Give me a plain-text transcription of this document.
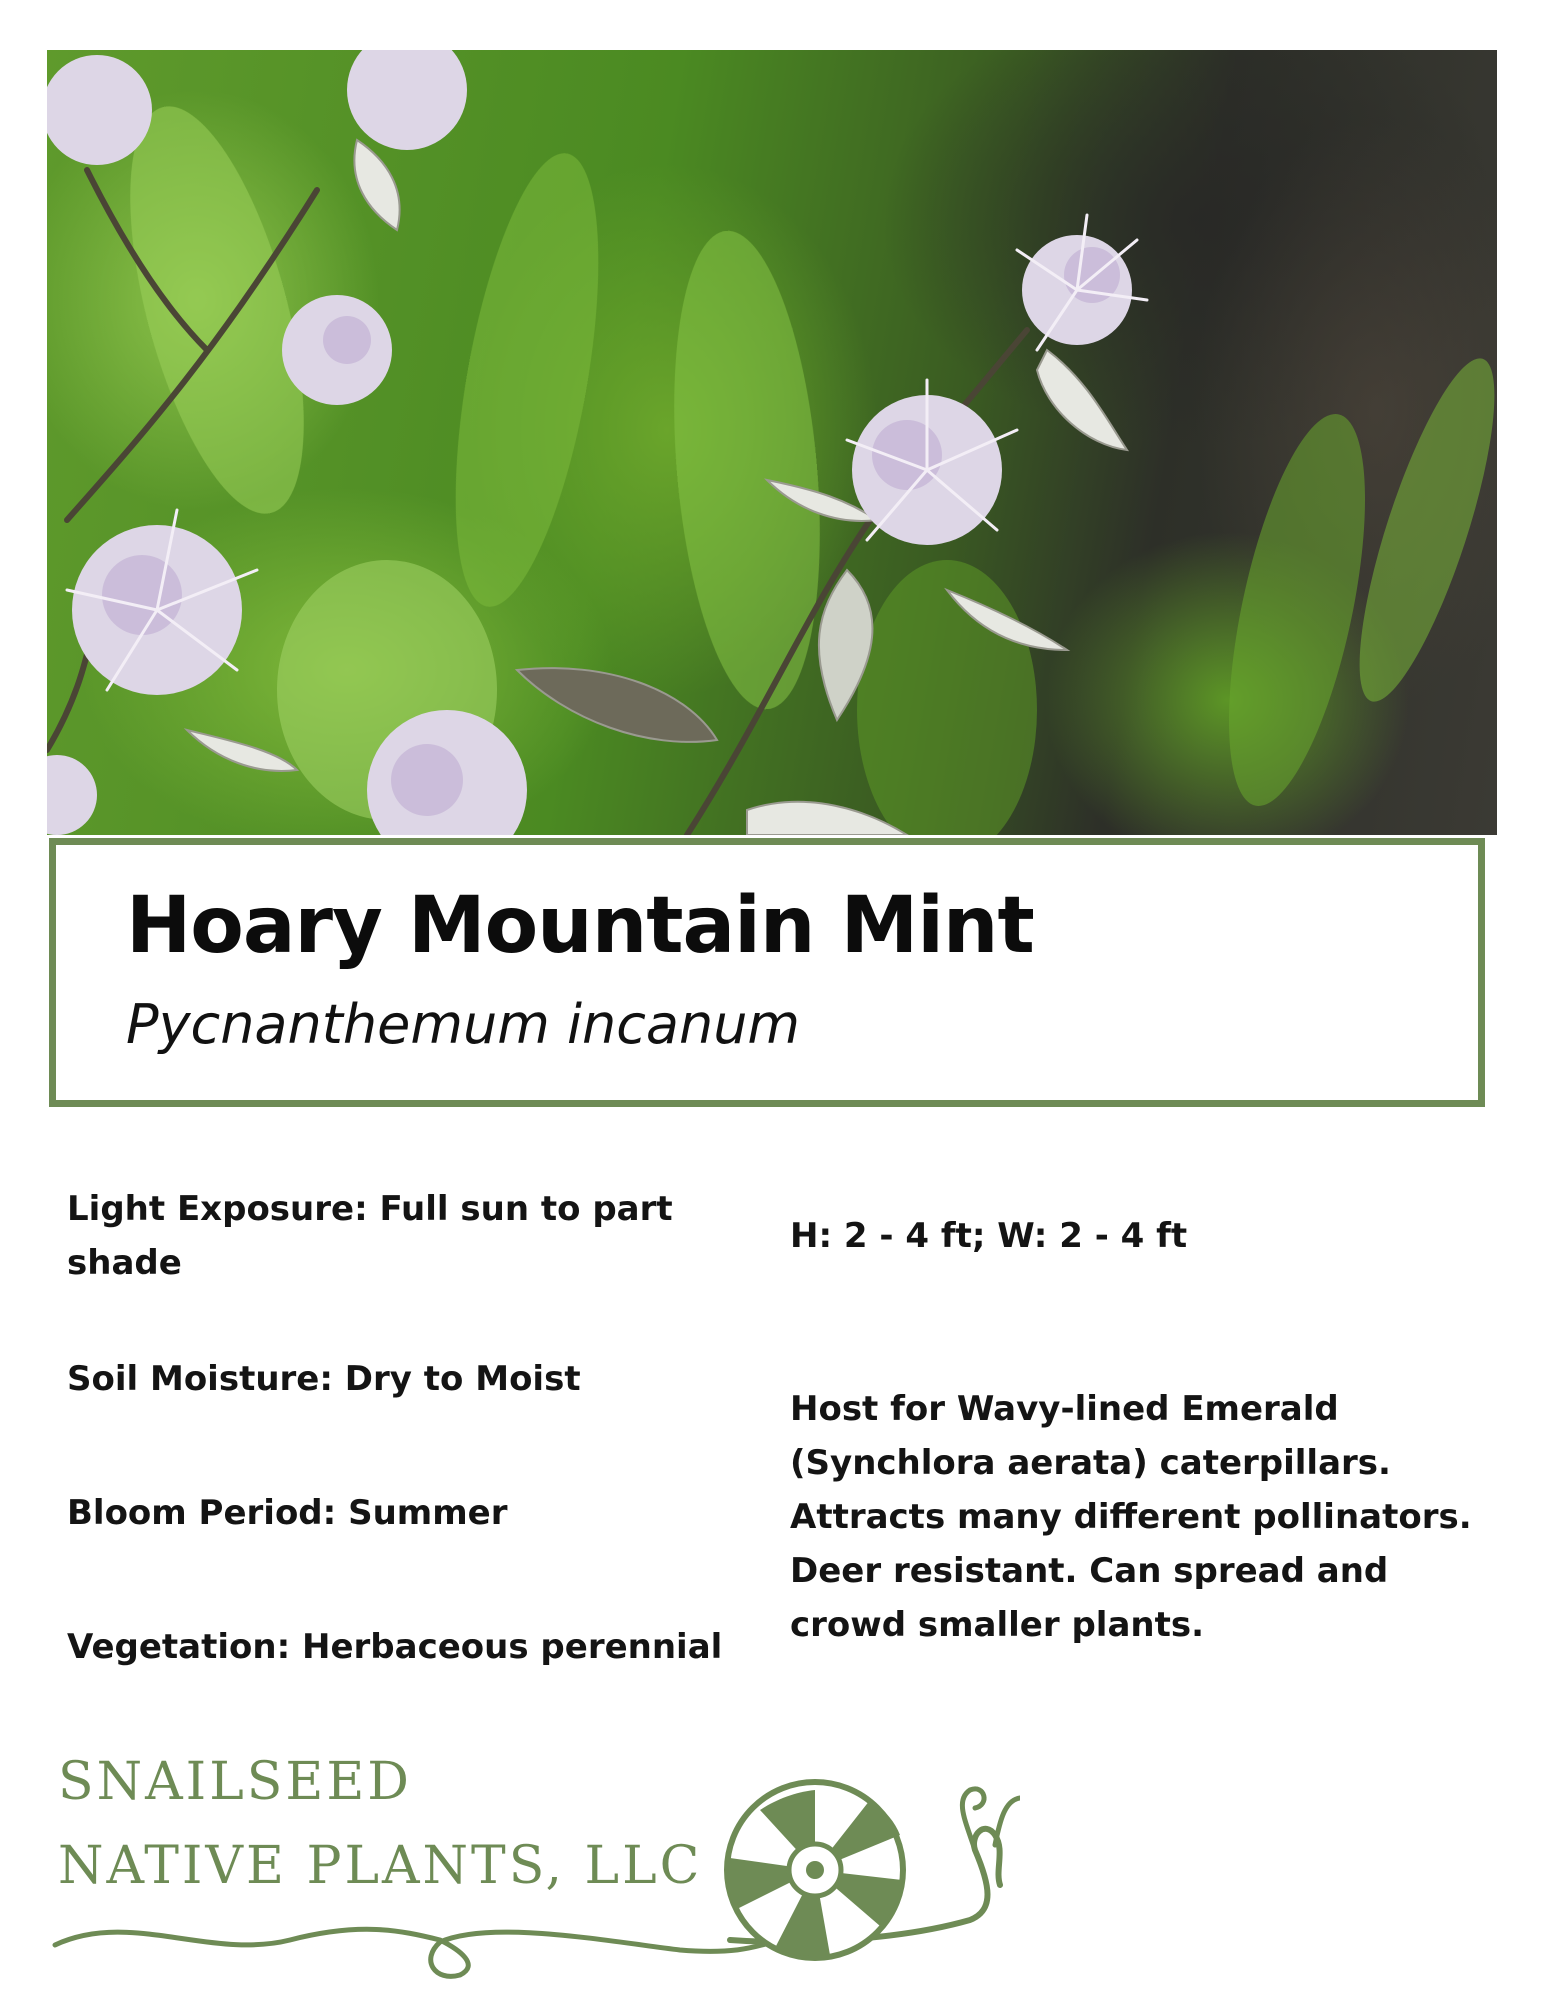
Hoary Mountain Mint

Pycnanthemum incanum

Light Exposure: Full sun to part shade

Soil Moisture: Dry to Moist

Bloom Period: Summer

Vegetation: Herbaceous perennial

H: 2 - 4 ft; W: 2 - 4 ft

Host for Wavy-lined Emerald (Synchlora aerata) caterpillars. Attracts many different pollinators. Deer resistant. Can spread and crowd smaller plants.

SNAILSEED

NATIVE PLANTS, LLC
